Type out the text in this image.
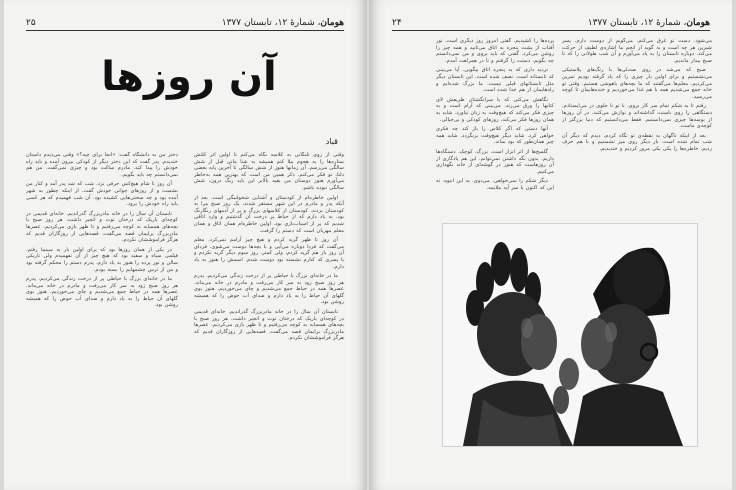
۲۵	هومان، شمارهٔ ۱۲، تابستان ۱۳۷۷
آن روزها
قباد

وقتی از روی تلنگانی به کلاسه نگاه می‌کنم تا اولین اثر کلتش ستاره‌ها را به هجوم بیلا کنم همیشه به شنا مانی قبل از شش سالگی می‌رسم. آن زمانها هنوز از شش سالگی تا آخرین پایه بعضی دلتا، تو فکر می‌کنم. ذکر همین من است که بهترین همه به‌خاطر می‌آورم هنوز دوستان من بقیه بالابر این باید رنگ درون، شش سالگی نبوده باشم.

اولین خاطره‌ام از کودستان و آشنایی شخولنبگی است. بعد از آنکه پدر و مادرم در این شهر مستقر شدند، یک روز صبح مرا به کودستان بردند. کودستان از کلاسهای بزرگ و پر از آدمهای رنگارنگ بود. به یاد دارم که از حیاط پر درخت آن گذشتیم و وارد اتاقی شدیم که پر از اسباب‌بازی بود. اولین خاطره‌ام همان اتاق و همان معلم مهربان است که دستم را گرفت.

آن روز تا ظهر گریه کردم و هیچ چیز آرامم نمی‌کرد. معلم می‌گفت که فردا دوباره می‌آیی و با بچه‌ها دوست می‌شوی. فردای آن روز باز هم گریه کردم، ولی کمتر. روز سوم دیگر گریه نکردم و با پسری که کنارم نشسته بود دوست شدم. اسمش را هنوز به یاد دارم.

ما در خانه‌ای بزرگ با حیاطی پر از درخت زندگی می‌کردیم. پدرم هر روز صبح زود به سر کار می‌رفت و مادرم در خانه می‌ماند. عصرها همه در حیاط جمع می‌شدیم و چای می‌خوردیم. هنوز بوی گلهای آن حیاط را به یاد دارم و صدای آب حوض را که همیشه روشن بود.

تابستان آن سال را در خانه مادربزرگ گذراندیم. خانه‌ای قدیمی در کوچه‌ای باریک که درختان توت و انجیر داشت. هر روز صبح با بچه‌های همسایه به کوچه می‌رفتیم و تا ظهر بازی می‌کردیم. عصرها مادربزرگ برایمان قصه می‌گفت، قصه‌هایی از روزگاران قدیم که هرگز فراموششان نکردم.

دختر من به دانشگاه گفت: «آنجا برای چیه؟» وقتی می‌دیدم داستان خندیدم. پدر گفت که این دختر دیگر از کودکی بیرون آمده و باید راه خودش را پیدا کند. مادرم ساکت بود و چیزی نمی‌گفت. من هم نمی‌دانستم چه باید بگویم.

آن روز تا شام هیچ‌کس حرفی نزد. شب که شد پدر آمد و کنار من نشست و از روزهای جوانی خودش گفت. از اینکه چطور به شهر آمده بود و چه سختی‌هایی کشیده بود. آن شب فهمیدم که هر کسی باید راه خودش را برود.

تابستان آن سال را در خانه مادربزرگ گذراندیم. خانه‌ای قدیمی در کوچه‌ای باریک که درختان توت و انجیر داشت. هر روز صبح با بچه‌های همسایه به کوچه می‌رفتیم و تا ظهر بازی می‌کردیم. عصرها مادربزرگ برایمان قصه می‌گفت، قصه‌هایی از روزگاران قدیم که هرگز فراموششان نکردم.

در یکی از همان روزها بود که برای اولین بار به سینما رفتم. فیلمی سیاه و سفید بود که هیچ چیز از آن نفهمیدم ولی تاریکی سالن و نور پرده را هنوز به یاد دارم. پدرم دستم را محکم گرفته بود و من از ترس چشمهایم را بسته بودم.

ما در خانه‌ای بزرگ با حیاطی پر از درخت زندگی می‌کردیم. پدرم هر روز صبح زود به سر کار می‌رفت و مادرم در خانه می‌ماند. عصرها همه در حیاط جمع می‌شدیم و چای می‌خوردیم. هنوز بوی گلهای آن حیاط را به یاد دارم و صدای آب حوض را که همیشه روشن بود.

۲۴	هومان، شمارهٔ ۱۲، تابستان ۱۳۷۷

می‌شود. دست تو غرق می‌کنم. می‌گویم از دوست دارم. پسر شیرین هر چه است و نه گوید از انجم ما اشاره‌ی لطیف از حرکت می‌کند. دوباره تابستان را به یاد می‌آورم و آن شب طولانی را که تا صبح بیدار ماندیم.

صبح که می‌شد در روی صندلی‌ها با رنگ‌های پلاستیکی می‌نشستیم و برای اولین بار چیزی را که یاد گرفته بودیم تمرین می‌کردیم. معلم‌ها می‌گفتند که ما بچه‌های باهوشی هستیم. وقتی تو خانه جمع می‌شدیم همه با هم غذا می‌خوردیم و خنده‌هایمان تا کوچه می‌رسید.

رفتم تا به شکم تمام سر کار بروی. با تو نا جلوی در می‌ایستادم. دستگاهی را روی باسنت گذاشته‌اند و نوازش می‌کنند. در آن روزها از بوسه‌ها چیزی نمی‌دانستیم. فقط می‌دانستیم که دنیا بزرگتر از کوچه‌ی ماست.

بعد از اینکه ناگهان به نقطه‌ی تو نگاه کردم، دیدم که دیگر آن شب تمام شده است. بار دیگر روی میز نشستیم و با هم حرف زدیم. خاطره‌ها را یکی یکی مرور کردیم و خندیدیم.

پرده‌ها را کشیدیم. گفتی امروز روز دیگری است. نور آفتاب از پشت پنجره به اتاق می‌تابید و همه چیز را روشن می‌کرد. گفتی که باید بروی و من نمی‌دانستم چه بگویم. دستت را گرفتم و تا در همراهت آمدم.

تردید داری که به پنجره اتاق بیگویی. آیا می‌بینی که تابستانه است. نصف شده است. این تابستان دیگر مثل تابستانهای قبلی نیست. ما بزرگ شده‌ایم و راه‌هایمان از هم جدا شده است.

نگاهش می‌کنی که با سرانگشتان ظریفش لای کتابها را ورق می‌زند. می‌بینی که آرام است و به چیزی فکر می‌کند که هیچ‌وقت به زبان نیاورد. شاید به همان روزها فکر می‌کند، روزهای کودکی و بی‌خیالی.

آنها دستی که اگر کلاس را باز کند چه فکری خواهی کرد. شاید دیگر هیچ‌وقت برنگردد. شاید همه چیز همان‌طور که بود بماند.

گلمیخ‌ها از اثر ابزار است. بزرگ، کوچک. دستگاه‌ها داریم. بدون نگه داشتن نمی‌توانم. این هم یادگاری از آن روزهاست که هنوز در گوشه‌ای از خانه نگهداری می‌کنیم.

دیگر شکم را نمی‌خواهی. می‌دوی. به این انبوه. نه این که اکنون با سر آید ملایمه.
